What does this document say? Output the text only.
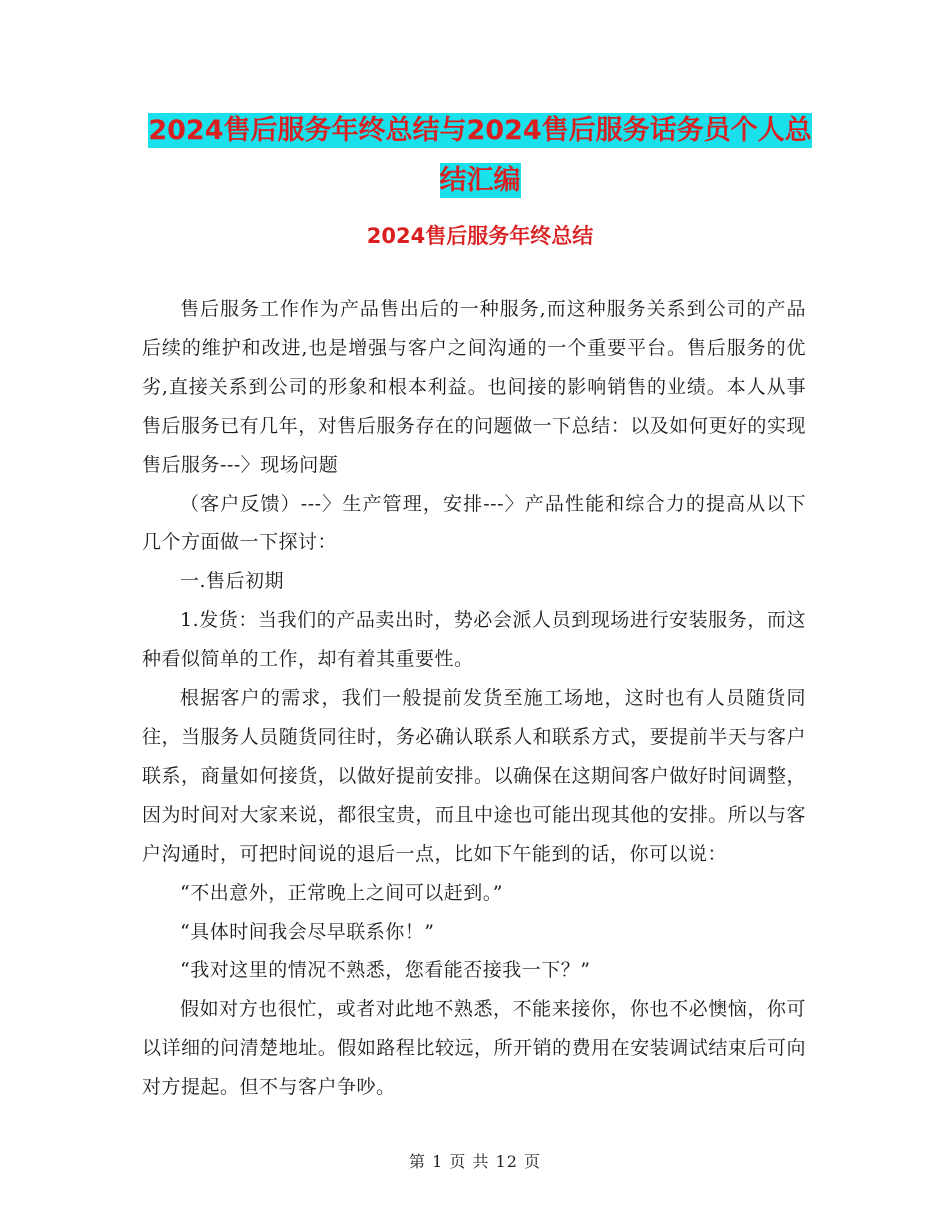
2024售后服务年终总结与2024售后服务话务员个人总
结汇编
2024售后服务年终总结

售后服务工作作为产品售出后的一种服务,而这种服务关系到公司的产品后续的维护和改进,也是增强与客户之间沟通的一个重要平台。售后服务的优劣,直接关系到公司的形象和根本利益。也间接的影响销售的业绩。本人从事售后服务已有几年，对售后服务存在的问题做一下总结：以及如何更好的实现售后服务---〉现场问题

（客户反馈）---〉生产管理，安排---〉产品性能和综合力的提高从以下几个方面做一下探讨：

一.售后初期

1.发货：当我们的产品卖出时，势必会派人员到现场进行安装服务，而这种看似简单的工作，却有着其重要性。

根据客户的需求，我们一般提前发货至施工场地，这时也有人员随货同往，当服务人员随货同往时，务必确认联系人和联系方式，要提前半天与客户联系，商量如何接货，以做好提前安排。以确保在这期间客户做好时间调整，因为时间对大家来说，都很宝贵，而且中途也可能出现其他的安排。所以与客户沟通时，可把时间说的退后一点，比如下午能到的话，你可以说：

“不出意外，正常晚上之间可以赶到。”

“具体时间我会尽早联系你！”

“我对这里的情况不熟悉，您看能否接我一下？”

假如对方也很忙，或者对此地不熟悉，不能来接你，你也不必懊恼，你可以详细的问清楚地址。假如路程比较远，所开销的费用在安装调试结束后可向对方提起。但不与客户争吵。

第 1 页 共 12 页
